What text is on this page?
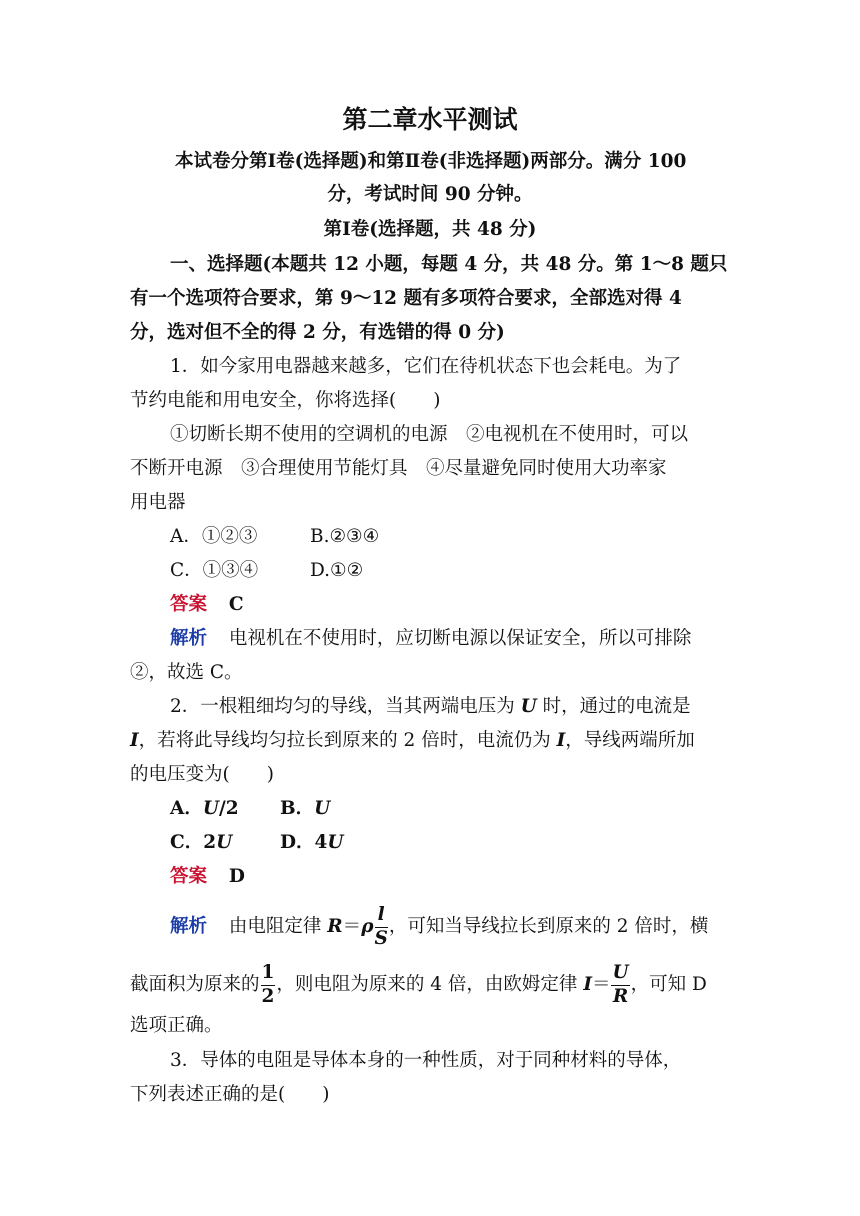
第二章水平测试
本试卷分第Ⅰ卷(选择题)和第Ⅱ卷(非选择题)两部分。满分 100
分，考试时间 90 分钟。
第Ⅰ卷(选择题，共 48 分)
一、选择题(本题共 12 小题，每题 4 分，共 48 分。第 1～8 题只
有一个选项符合要求，第 9～12 题有多项符合要求，全部选对得 4
分，选对但不全的得 2 分，有选错的得 0 分)
1．如今家用电器越来越多，它们在待机状态下也会耗电。为了
节约电能和用电安全，你将选择(　　)
①切断长期不使用的空调机的电源　②电视机在不使用时，可以
不断开电源　③合理使用节能灯具　④尽量避免同时使用大功率家
用电器
A．①②③	B.②③④
C．①③④	D.①②
答案 C
解析 电视机在不使用时，应切断电源以保证安全，所以可排除
②，故选 C。
2．一根粗细均匀的导线，当其两端电压为 U 时，通过的电流是
I，若将此导线均匀拉长到原来的 2 倍时，电流仍为 I，导线两端所加
的电压变为(　　)
A．U/2 B．U
C．2U	D．4U
答案 D
解析 由电阻定律 $R=\rho \frac{l}{S}$ ，可知当导线拉长到原来的 2 倍时，横
截面积为原来的 $\frac{1}{2}$ ，则电阻为原来的 4 倍，由欧姆定律 $I= \frac{U}{R}$ ，可知 D
选项正确。
3．导体的电阻是导体本身的一种性质，对于同种材料的导体，
下列表述正确的是(　　)
